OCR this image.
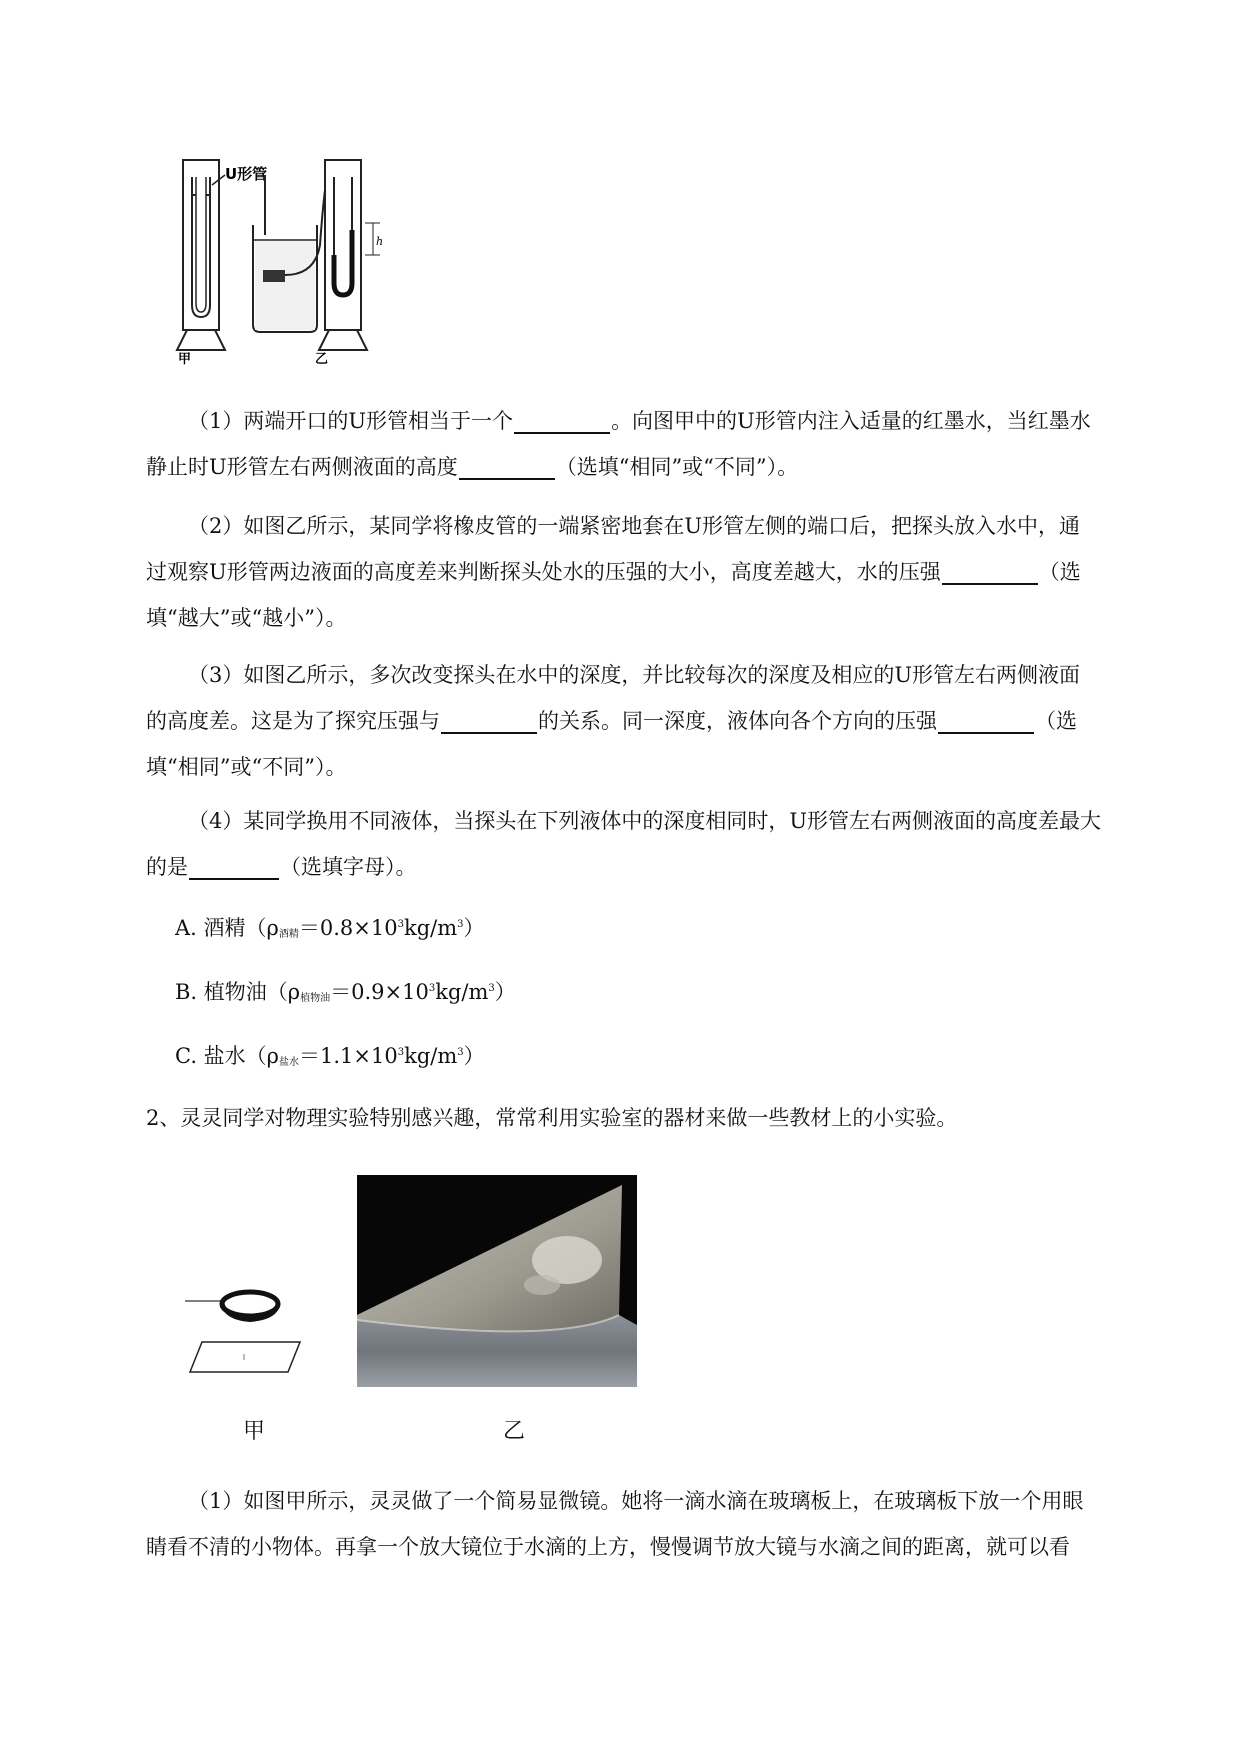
U形管
h
甲	乙
（1）两端开口的U形管相当于一个	。向图甲中的U形管内注入适量的红墨水，当红墨水
静止时U形管左右两侧液面的高度	（选填“相同”或“不同”）。
（2）如图乙所示，某同学将橡皮管的一端紧密地套在U形管左侧的端口后，把探头放入水中，通
过观察U形管两边液面的高度差来判断探头处水的压强的大小，高度差越大，水的压强	（选
填“越大”或“越小”）。
（3）如图乙所示，多次改变探头在水中的深度，并比较每次的深度及相应的U形管左右两侧液面
的高度差。这是为了探究压强与	的关系。同一深度，液体向各个方向的压强	（选
填“相同”或“不同”）。
（4）某同学换用不同液体，当探头在下列液体中的深度相同时，U形管左右两侧液面的高度差最大
的是	（选填字母）。
A. 酒精$(\rho_{酒精}=0.8\times 10^3kg/m^3)$
B. 植物油$(\rho_{植物油}=0.9\times 10^3kg/m^3)$
C. 盐水$(\rho_{盐水}=1.1\times 10^3kg/m^3)$
2、灵灵同学对物理实验特别感兴趣，常常利用实验室的器材来做一些教材上的小实验。
甲	乙
（1）如图甲所示，灵灵做了一个简易显微镜。她将一滴水滴在玻璃板上，在玻璃板下放一个用眼
睛看不清的小物体。再拿一个放大镜位于水滴的上方，慢慢调节放大镜与水滴之间的距离，就可以看
